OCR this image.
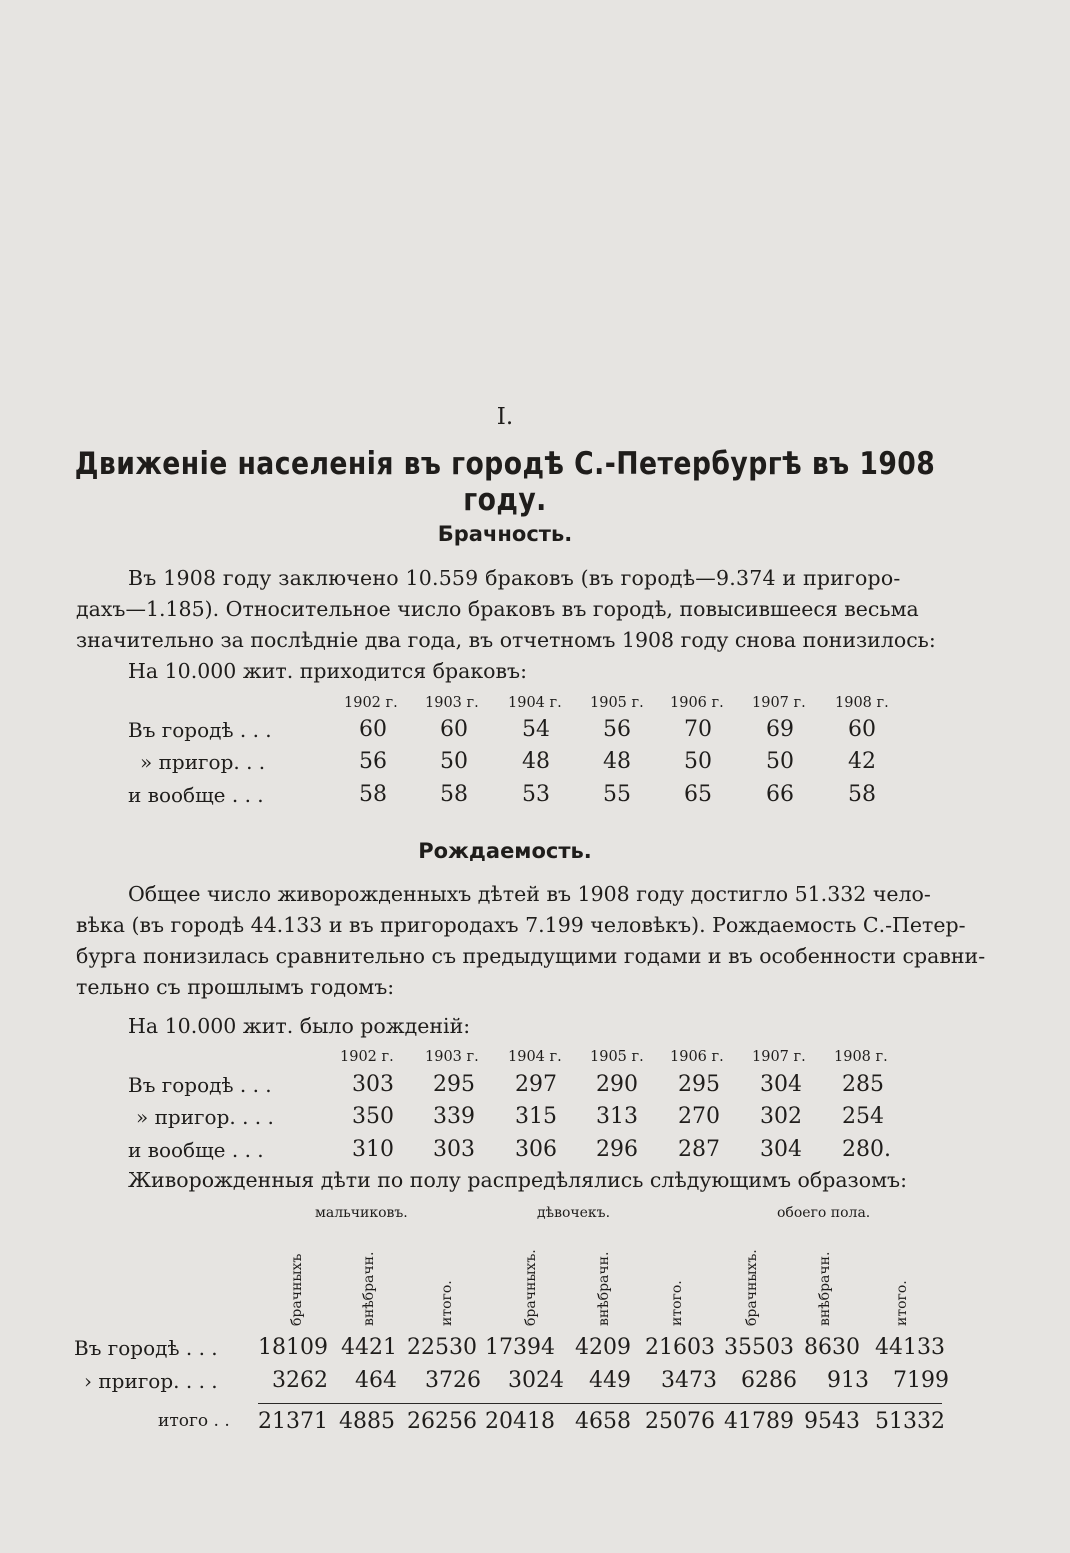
I.
Движеніе населенія въ городѣ С.-Петербургѣ въ 1908 году.
Брачность.
Въ 1908 году заключено 10.559 браковъ (въ городѣ—9.374 и пригоро-
дахъ—1.185). Относительное число браковъ въ городѣ, повысившееся весьма
значительно за послѣдніе два года, въ отчетномъ 1908 году снова понизилось:
На 10.000 жит. приходится браковъ:
1902 г. 1903 г. 1904 г. 1905 г. 1906 г. 1907 г. 1908 г.
Въ городѣ . . .	60 60 54 56 70 69 60
» пригор. . .	56 50 48 48 50 50 42
и вообще . . .	58 58 53 55 65 66 58
Рождаемость.
Общее число живорожденныхъ дѣтей въ 1908 году достигло 51.332 чело-
вѣка (въ городѣ 44.133 и въ пригородахъ 7.199 человѣкъ). Рождаемость С.-Петер-
бурга понизилась сравнительно съ предыдущими годами и въ особенности сравни-
тельно съ прошлымъ годомъ:
На 10.000 жит. было рожденій:
1902 г. 1903 г. 1904 г. 1905 г. 1906 г. 1907 г. 1908 г.
Въ городѣ . . .	303 295 297 290 295 304 285
» пригор. . . .	350 339 315 313 270 302 254
и вообще . . .	310 303 306 296 287 304 280.
Живорожденныя дѣти по полу распредѣлялись слѣдующимъ образомъ:
мальчиковъ.	дѣвочекъ.	обоего пола.
брачныхъ	внѣбрачн.	итого.	брачныхъ.	внѣбрачн.	итого.	брачныхъ.	внѣбрачн.	итого.
Въ городѣ . . . 18109 4421 22530 17394 4209 21603 35503 8630 44133
› пригор. . . . 3262 464 3726 3024 449 3473 6286 913 7199
итого . . 21371 4885 26256 20418 4658 25076 41789 9543 51332
